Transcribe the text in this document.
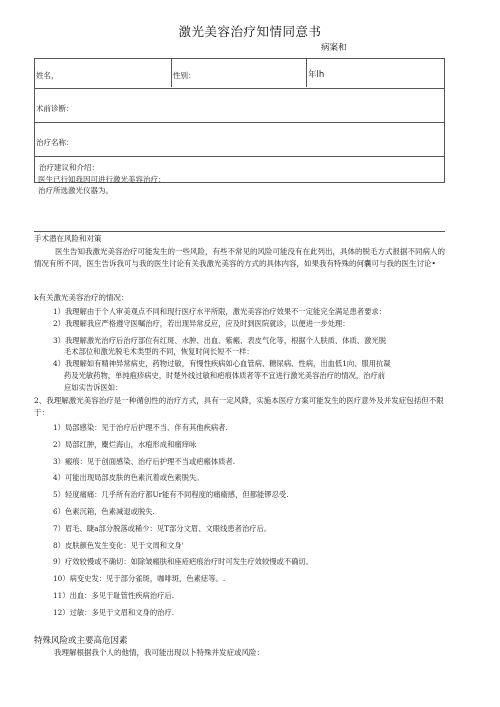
激光美容治疗知情同意书
病案和
姓名，	性别：	年lh
术前诊断：
治疗名称：
治疗建议和介绍：
医生已行知我因可进行激光美容治疗：
治疗所选激光仪器为。
手术潜在风险和对策
医生告知我激光美容治疗可能发生的一些风险，有些不常见的风险可能没有在此列出，具体的脱毛方式报据不同病人的情况有所不同，医生告诉我可与我的医生讨论有关我激光美容的方式的具体内容，如果我有特殊的何囊可与我的医生讨论•
k有关激光美容治疗的情况：
1）我理解由于个人审美观点不同和现行医疗水平所限，激光美容治疗效果不一定能完全满足患者要求：
2）我理解我应严格遵守医嘱治疗，若出现异常反应，应及时到医院就诊，以便进一步处理：
3）我理解激光治疗后治疗部位有红斑、水肿、出血、紫瘢、表皮气化等，根据个人肤质、体质、激光脱
毛术部位和激光脱毛术类型的不同，恢复时间长短不一样：
4）我理解如有精神异常病史，药物过敏，有慢性疾病如心血管病、糖尿病、性病，出血低1向、服用抗凝
药及光敏药物，单纯疱疹病史，时楚外线过敏和疤痕体质者等不宜进行激光美容治疗的情况，治疗前
应如实告诉医如：
2、我理解激光美容治疗是一种循创性的治疗方式，具有一定风降，实施本医疗方案可能发生的医疗意外及并发症包括但不限于：
1）局部感染：见于治疗后护理不当、伴有其他疾病者.
2）局部红肿，麇烂海山，水疱形成和痛痒咏
3）瘢痕：见于创面感染、治疗后护理不当或疤瘢体质者.
4）可能出现局部皮肤的色素沉着或色素脱失。
5）轻度痛痛：几乎所有治疗都Ur能有不同程度的痛瘉感，但都能锣忍受.
6）色素沉箱，色素减退或脱失.
7）眉毛、睫a部分脱落或稀少：见T部分文眉、文眼线患者治疗后。
8）皮肤颜色发生变化：见于文周和文身'
9）疗效较慢或不确切：如除皱瘢肤和座疮疤痕治疗时可发生疗效较慢或不确切。
10）病变史发：见于部分雀斑，咖啡斑，色素痣等。.
11）出血：多见于耻管性疾病治疗后.
12）过敏：多见于文眉和文身的治疗.
特殊风险或主要高危因素
我理解根据我个人的他情，我可能出现以卜特殊并发症或风险：
